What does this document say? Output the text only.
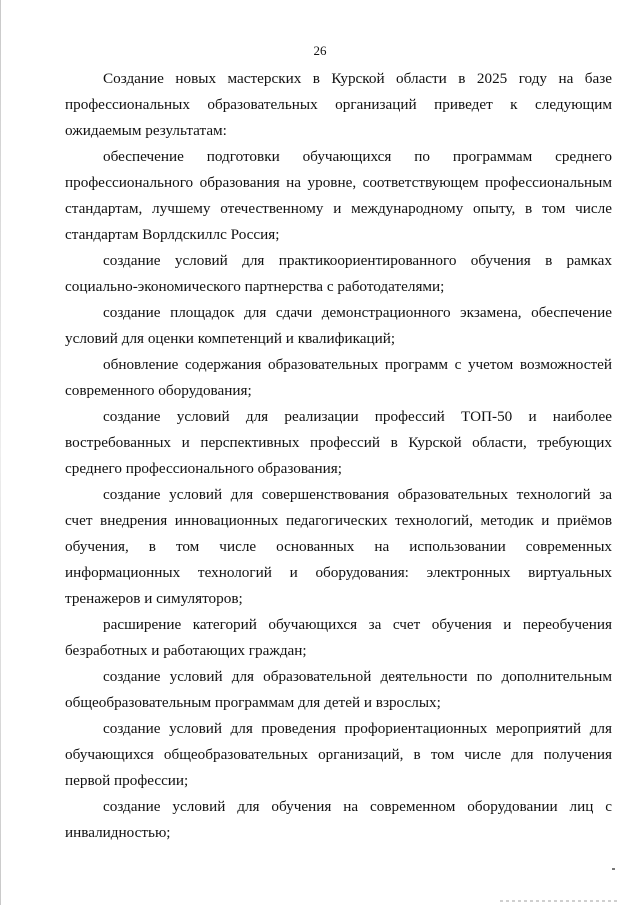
26

Создание новых мастерских в Курской области в 2025 году на базе профессиональных образовательных организаций приведет к следующим ожидаемым результатам:

обеспечение подготовки обучающихся по программам среднего профессионального образования на уровне, соответствующем профессиональным стандартам, лучшему отечественному и международному опыту, в том числе стандартам Ворлдскиллс Россия;

создание условий для практикоориентированного обучения в рамках социально-экономического партнерства с работодателями;

создание площадок для сдачи демонстрационного экзамена, обеспечение условий для оценки компетенций и квалификаций;

обновление содержания образовательных программ с учетом возможностей современного оборудования;

создание условий для реализации профессий ТОП-50 и наиболее востребованных и перспективных профессий в Курской области, требующих среднего профессионального образования;

создание условий для совершенствования образовательных технологий за счет внедрения инновационных педагогических технологий, методик и приёмов обучения, в том числе основанных на использовании современных информационных технологий и оборудования: электронных виртуальных тренажеров и симуляторов;

расширение категорий обучающихся за счет обучения и переобучения безработных и работающих граждан;

создание условий для образовательной деятельности по дополнительным общеобразовательным программам для детей и взрослых;

создание условий для проведения профориентационных мероприятий для обучающихся общеобразовательных организаций, в том числе для получения первой профессии;

создание условий для обучения на современном оборудовании лиц с инвалидностью;
